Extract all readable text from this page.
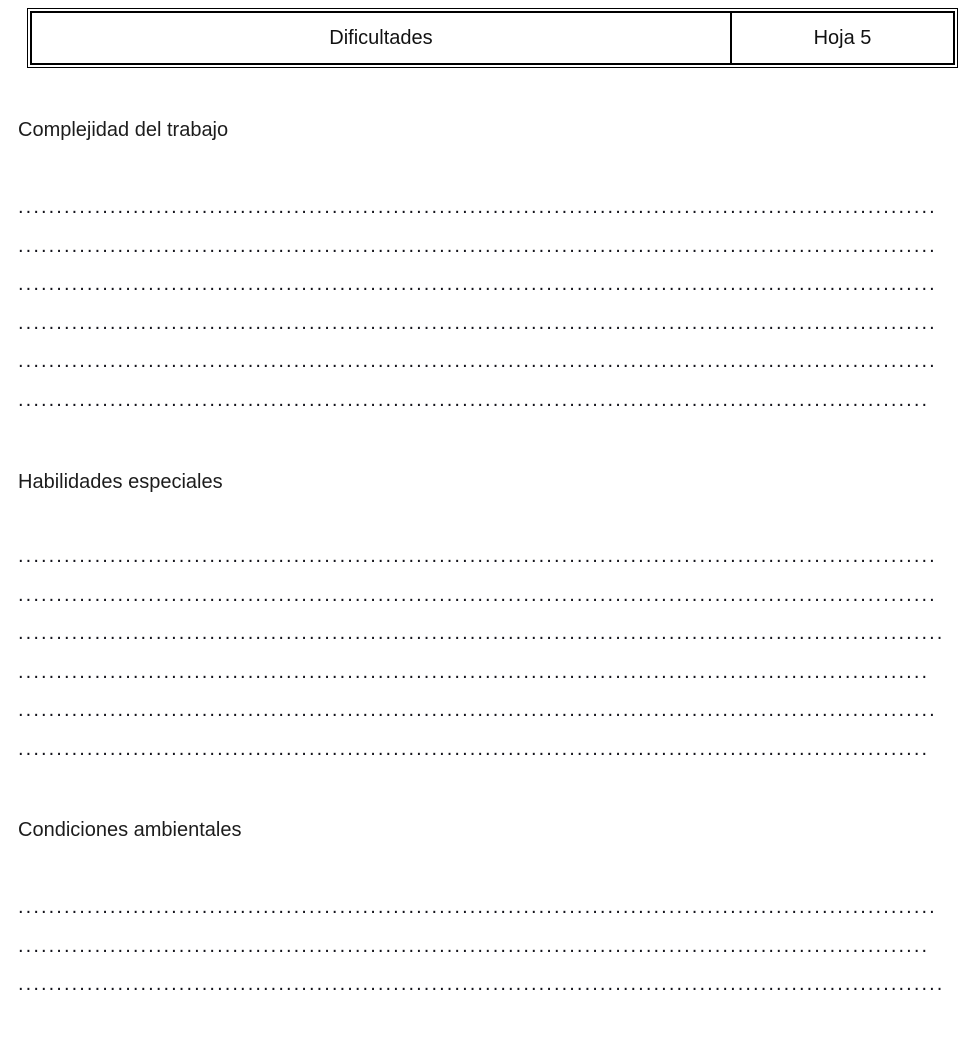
Dificultades	Hoja 5
Complejidad del trabajo
........................................................................................................................
........................................................................................................................
........................................................................................................................
........................................................................................................................
........................................................................................................................
.......................................................................................................................
Habilidades especiales
........................................................................................................................
........................................................................................................................
.........................................................................................................................
.......................................................................................................................
........................................................................................................................
.......................................................................................................................
Condiciones ambientales
........................................................................................................................
.......................................................................................................................
.........................................................................................................................
